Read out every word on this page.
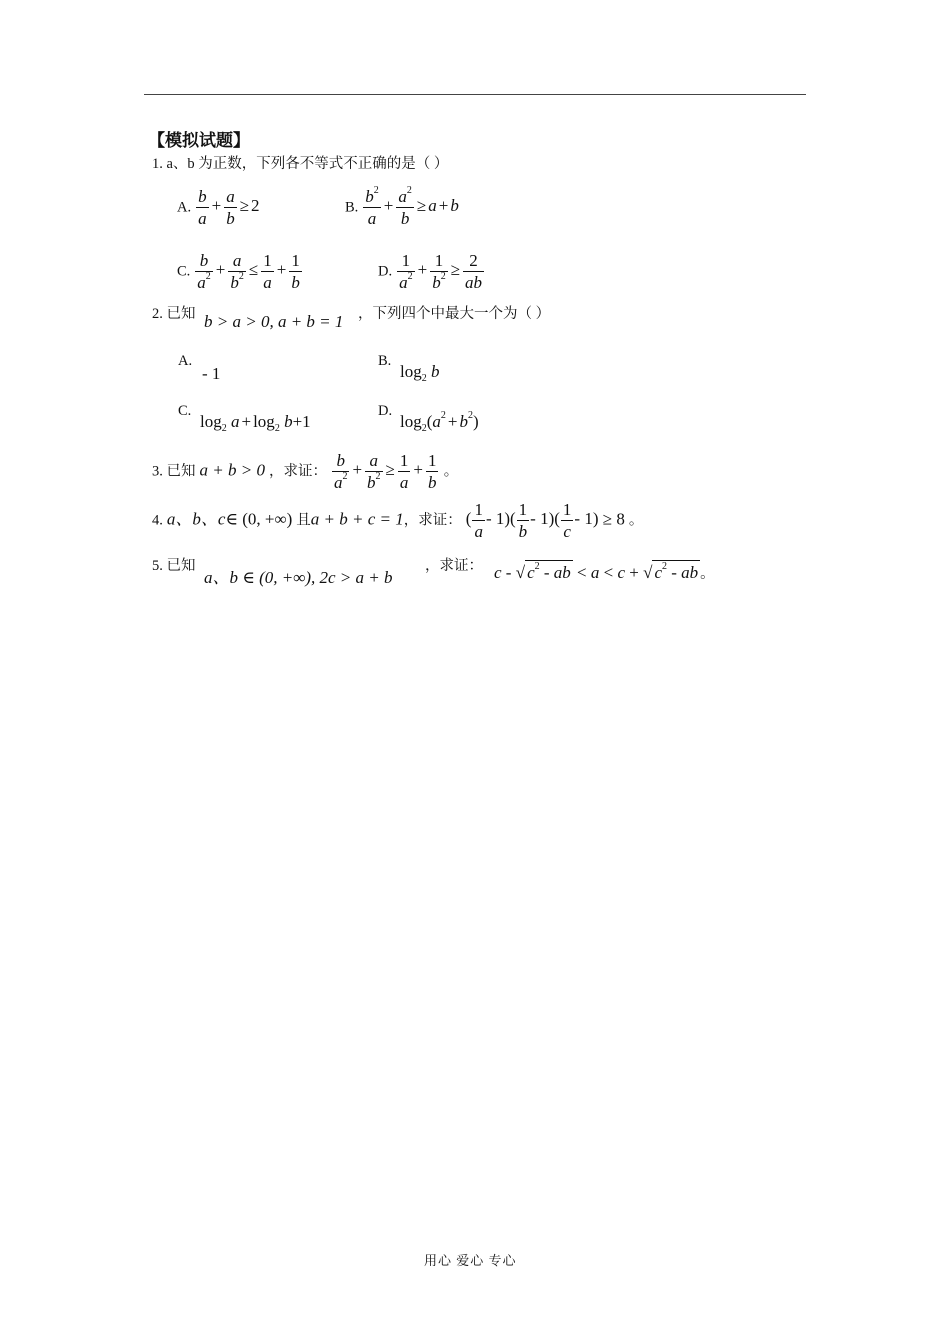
【模拟试题】
1. a、b 为正数，下列各不等式不正确的是（ ）
A. $\frac{b}{a} + \frac{a}{b} \ge 2$	B. $\frac{b^2}{a} + \frac{a^2}{b} \ge a + b$
C. $\frac{b}{a^2} + \frac{a}{b^2} \le \frac{1}{a} + \frac{1}{b}$	D. $\frac{1}{a^2} + \frac{1}{b^2} \ge \frac{2}{ab}$
2. 已知 b > a > 0, a + b = 1 ，下列四个中最大一个为（ ）
A.
- 1
B.
$\log_2 b$
C.
$\log_2 a + \log_2 b+1$
D.
$\log_2(a^2 + b^2)$
3. 已知 a + b > 0 ，求证： $\frac{b}{a^2} + \frac{a}{b^2} \ge \frac{1}{a} + \frac{1}{b}$ 。
4. a、b、c∈ (0, +∞) 且a + b + c = 1，求证： ( $\frac{1}{a} - 1)( \frac{1}{b} - 1)( \frac{1}{c} - 1) \ge 8$ 。
5. 已知
a、b ∈ (0, +∞), 2c > a + b
，求证： c - √ $c^2$ - ab < a < c + √ $c^2$ - ab 。
用心 爱心 专心
